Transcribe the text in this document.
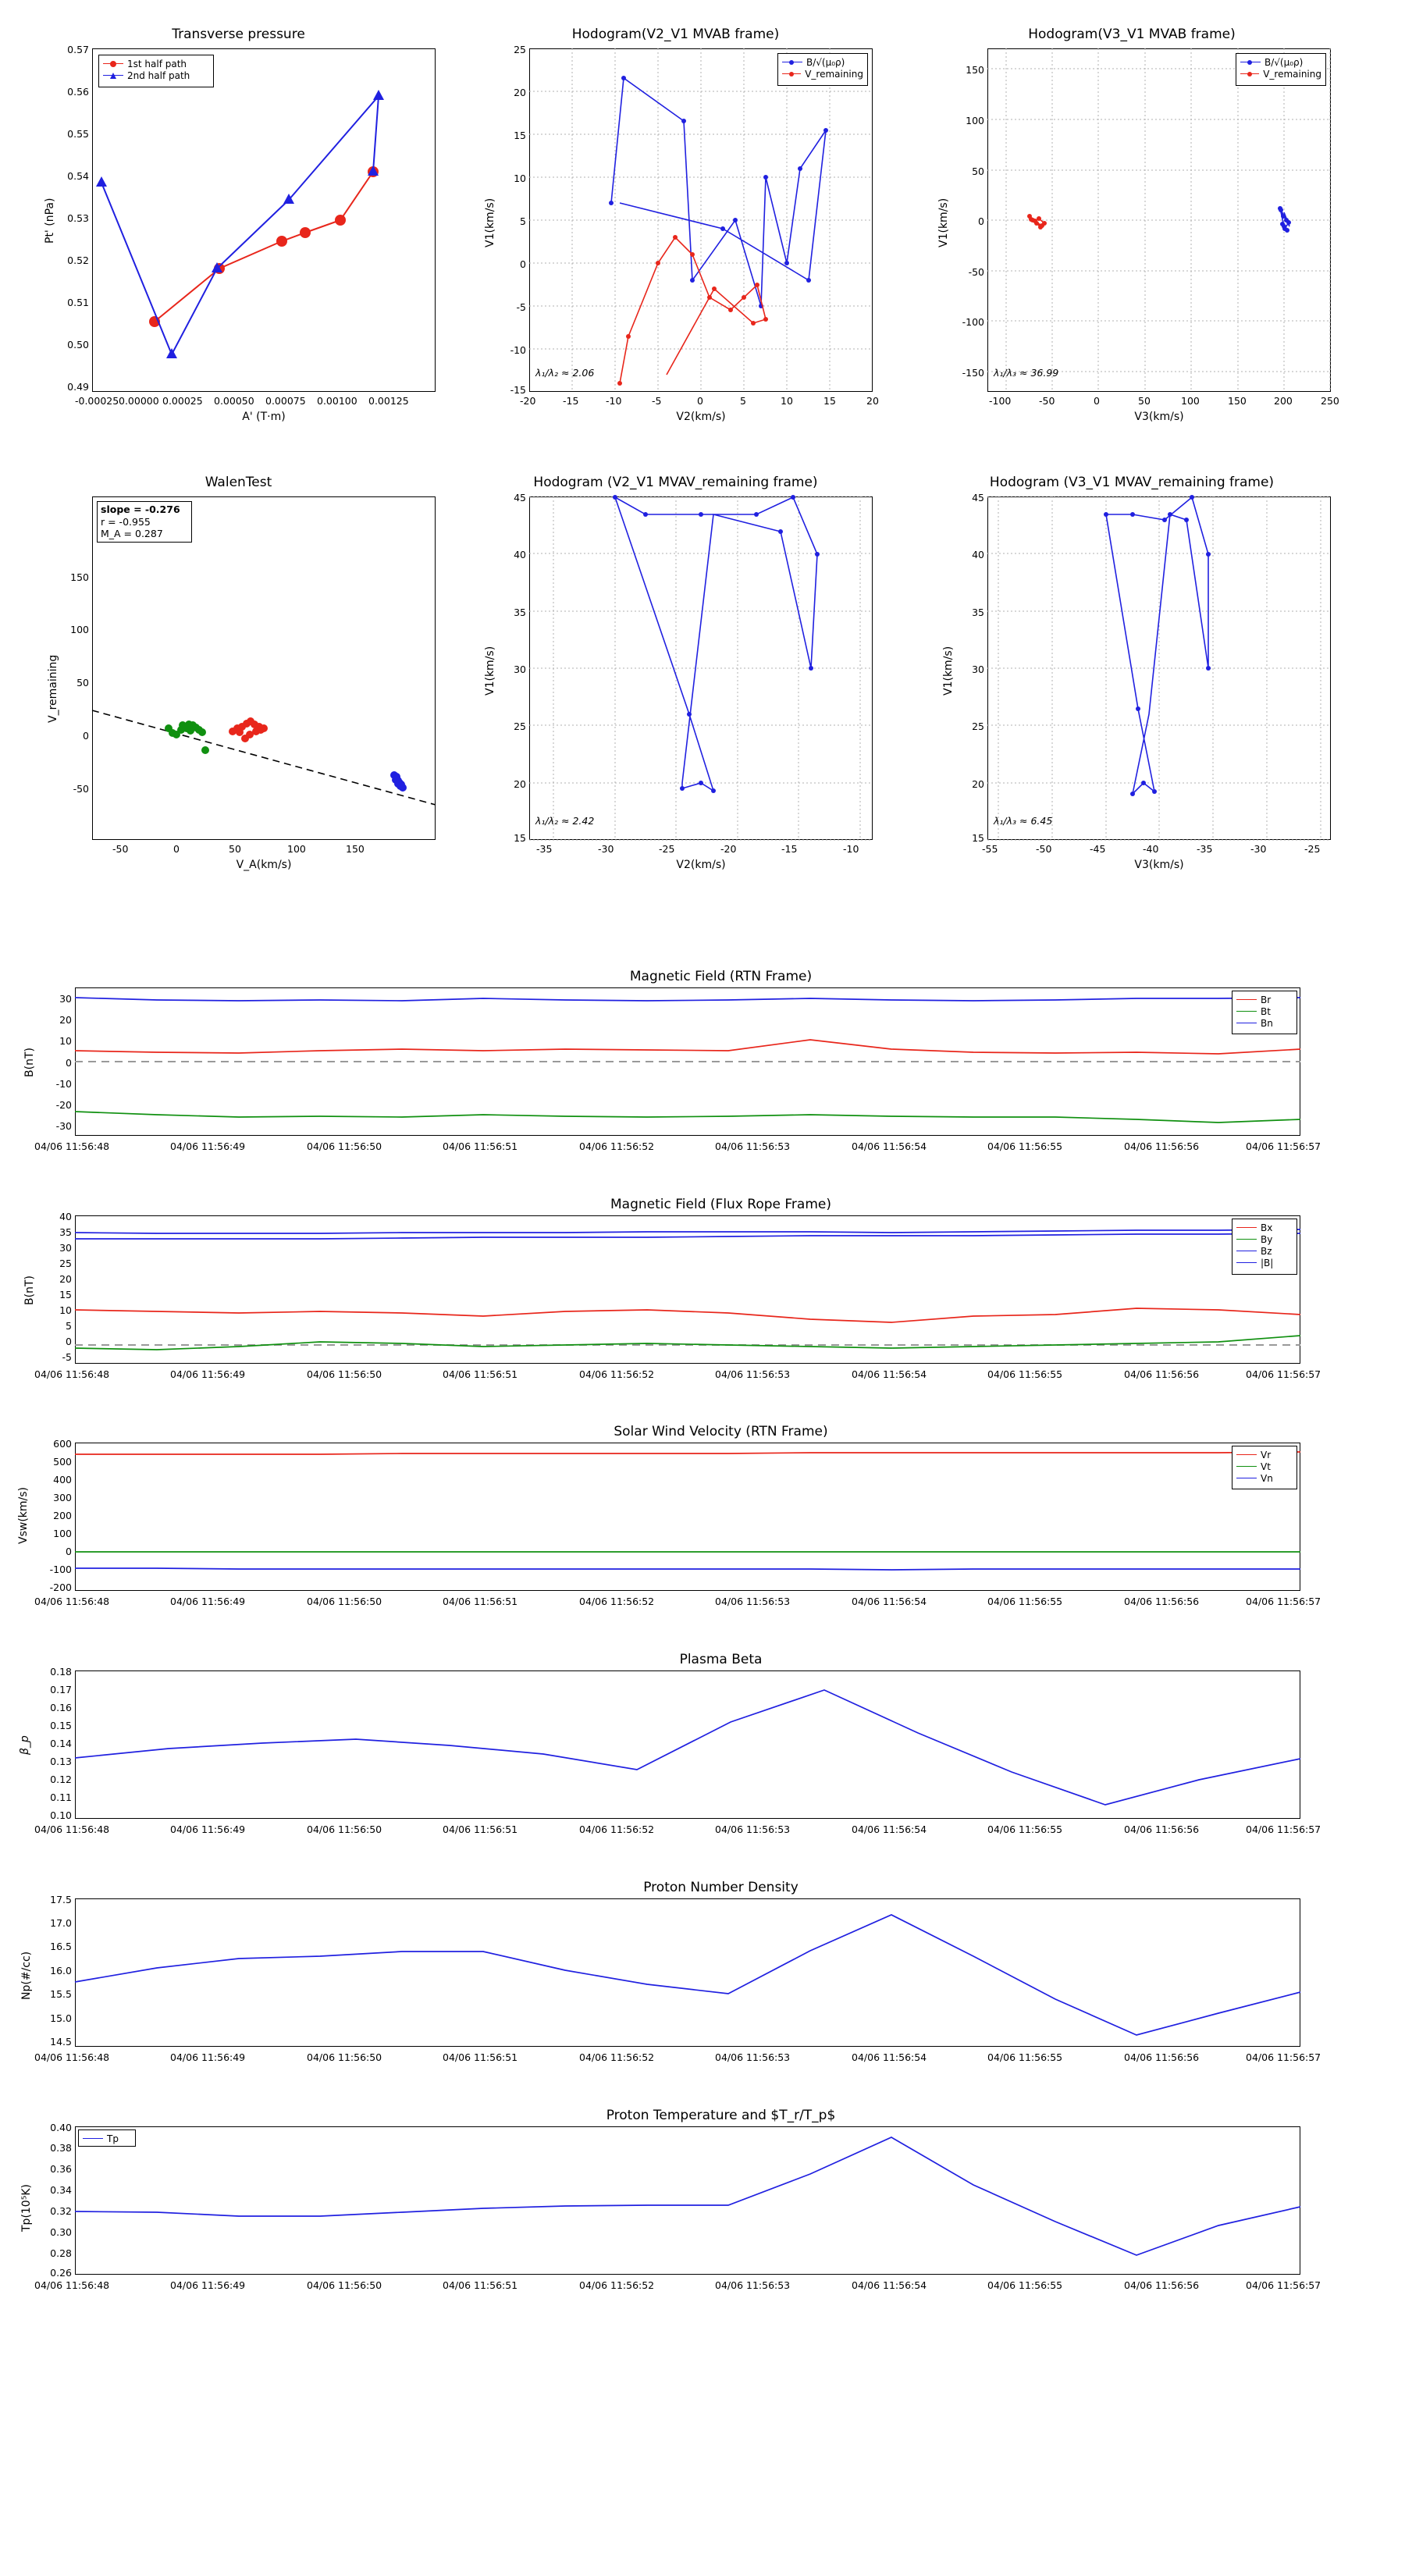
Transverse pressure
1st half path
2nd half path
0.57
0.56
0.55
0.54
0.53
0.52
0.51
0.50
0.49
-0.00025 0.00000 0.00025 0.00050 0.00075 0.00100 0.00125
A' (T·m)
Pt' (nPa)
Hodogram(V2_V1 MVAB frame)
B/√(μ₀ρ)
V_remaining
λ₁/λ₂ ≈ 2.06
25
20
15
10
5
0
-5
-10
-15
-20	-15	-10	-5	0	5	10	15	20
V2(km/s)
V1(km/s)
Hodogram(V3_V1 MVAB frame)
B/√(μ₀ρ)
V_remaining
λ₁/λ₃ ≈ 36.99
150
100
50
0
-50
-100
-150
-100	-50	0	50	100	150	200	250
V3(km/s)
V1(km/s)
WalenTest
slope = -0.276
r = -0.955
M_A = 0.287
150
100
50
0
-50
-50	0	50	100	150
V_A(km/s)
V_remaining
Hodogram (V2_V1 MVAV_remaining frame)
λ₁/λ₂ ≈ 2.42
45
40
35
30
25
20
15
-35	-30	-25	-20	-15	-10
V2(km/s)
V1(km/s)
Hodogram (V3_V1 MVAV_remaining frame)
λ₁/λ₃ ≈ 6.45
45
40
35
30
25
20
15
-55	-50	-45	-40	-35	-30	-25
V3(km/s)
V1(km/s)
Magnetic Field (RTN Frame)
Br
Bt
Bn
30
20
10
0
-10
-20
-30
04/06 11:56:48	04/06 11:56:49	04/06 11:56:50	04/06 11:56:51	04/06 11:56:52	04/06 11:56:53	04/06 11:56:54	04/06 11:56:55	04/06 11:56:56	04/06 11:56:57
B(nT)
Magnetic Field (Flux Rope Frame)
Bx
By
Bz
|B|
40
35
30
25
20
15
10
5
0
-5
04/06 11:56:48	04/06 11:56:49	04/06 11:56:50	04/06 11:56:51	04/06 11:56:52	04/06 11:56:53	04/06 11:56:54	04/06 11:56:55	04/06 11:56:56	04/06 11:56:57
B(nT)
Solar Wind Velocity (RTN Frame)
Vr
Vt
Vn
600
500
400
300
200
100
0
-100
-200
04/06 11:56:48	04/06 11:56:49	04/06 11:56:50	04/06 11:56:51	04/06 11:56:52	04/06 11:56:53	04/06 11:56:54	04/06 11:56:55	04/06 11:56:56	04/06 11:56:57
Vsw(km/s)
Plasma Beta
0.18
0.17
0.16
0.15
0.14
0.13
0.12
0.11
0.10
04/06 11:56:48	04/06 11:56:49	04/06 11:56:50	04/06 11:56:51	04/06 11:56:52	04/06 11:56:53	04/06 11:56:54	04/06 11:56:55	04/06 11:56:56	04/06 11:56:57
β_p
Proton Number Density
17.5
17.0
16.5
16.0
15.5
15.0
14.5
04/06 11:56:48	04/06 11:56:49	04/06 11:56:50	04/06 11:56:51	04/06 11:56:52	04/06 11:56:53	04/06 11:56:54	04/06 11:56:55	04/06 11:56:56	04/06 11:56:57
Np(#/cc)
Proton Temperature and $T_r/T_p$
Tp
0.40
0.38
0.36
0.34
0.32
0.30
0.28
0.26
04/06 11:56:48	04/06 11:56:49	04/06 11:56:50	04/06 11:56:51	04/06 11:56:52	04/06 11:56:53	04/06 11:56:54	04/06 11:56:55	04/06 11:56:56	04/06 11:56:57
Tp(10⁵K)
